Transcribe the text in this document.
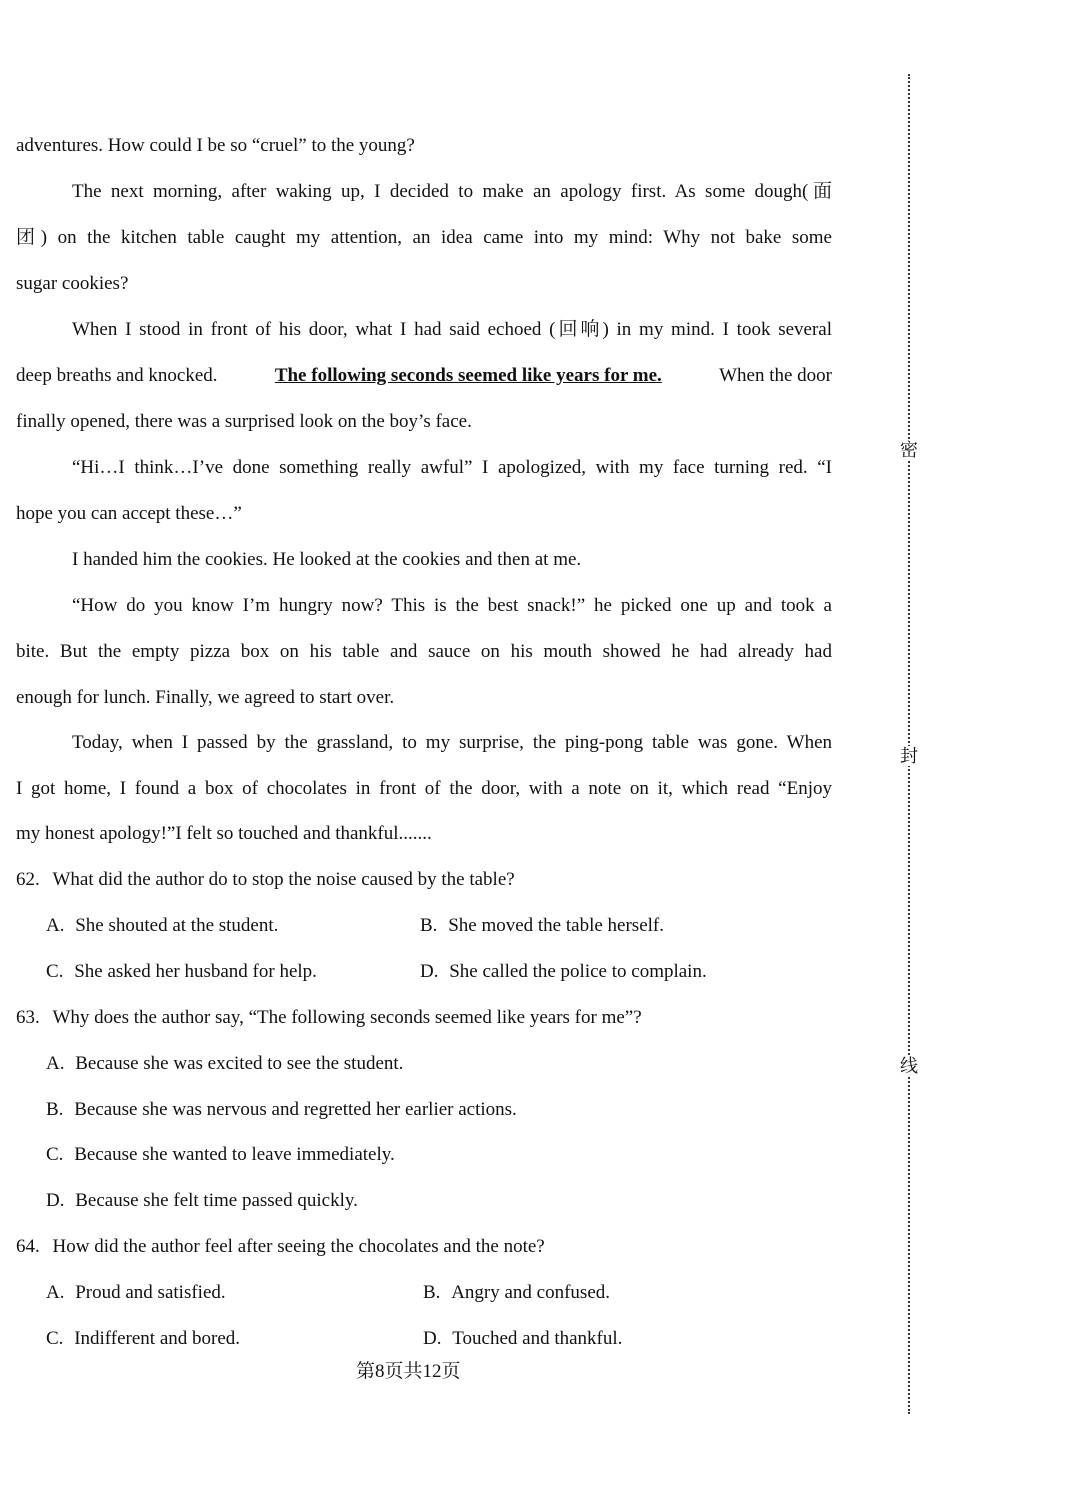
adventures. How could I be so “cruel” to the young?
The next morning, after waking up, I decided to make an apology first. As some dough(面
团) on the kitchen table caught my attention, an idea came into my mind: Why not bake some
sugar cookies?
When I stood in front of his door, what I had said echoed (回响) in my mind. I took several
deep breaths and knocked.	The following seconds seemed like years for me.	When the door
finally opened, there was a surprised look on the boy’s face.
“Hi…I think…I’ve done something really awful” I apologized, with my face turning red. “I
hope you can accept these…”
I handed him the cookies. He looked at the cookies and then at me.
“How do you know I’m hungry now? This is the best snack!” he picked one up and took a
bite. But the empty pizza box on his table and sauce on his mouth showed he had already had
enough for lunch. Finally, we agreed to start over.
Today, when I passed by the grassland, to my surprise, the ping-pong table was gone. When
I got home, I found a box of chocolates in front of the door, with a note on it, which read “Enjoy
my honest apology!”I felt so touched and thankful.......
62. What did the author do to stop the noise caused by the table?
A. She shouted at the student.	B. She moved the table herself.
C. She asked her husband for help.	D. She called the police to complain.
63. Why does the author say, “The following seconds seemed like years for me”?
A. Because she was excited to see the student.
B. Because she was nervous and regretted her earlier actions.
C. Because she wanted to leave immediately.
D. Because she felt time passed quickly.
64. How did the author feel after seeing the chocolates and the note?
A. Proud and satisfied.	B. Angry and confused.
C. Indifferent and bored.	D. Touched and thankful.
第8页共12页
密
封
线
